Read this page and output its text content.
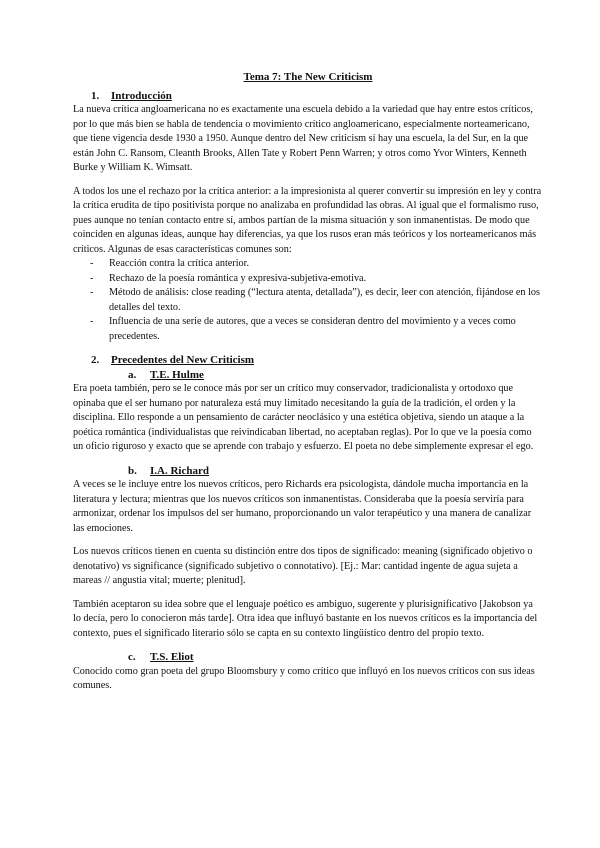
Tema 7: The New Criticism
1.	Introducción

La nueva crítica angloamericana no es exactamente una escuela debido a la variedad que hay entre estos críticos, por lo que más bien se habla de tendencia o movimiento crítico angloamericano, especialmente norteamericano, que tiene vigencia desde 1930 a 1950. Aunque dentro del New criticism sí hay una escuela, la del Sur, en la que están John C. Ransom, Cleanth Brooks, Allen Tate y Robert Penn Warren; y otros como Yvor Winters, Kenneth Burke y William K. Wimsatt.

A todos los une el rechazo por la crítica anterior: a la impresionista al querer convertir su impresión en ley y contra la crítica erudita de tipo positivista porque no analizaba en profundidad las obras. Al igual que el formalismo ruso, pues aunque no tenían contacto entre sí, ambos partían de la misma situación y son inmanentistas. De modo que coinciden en algunas ideas, aunque hay diferencias, ya que los rusos eran más teóricos y los norteamericanos más críticos. Algunas de esas características comunes son:

-	Reacción contra la crítica anterior.
-	Rechazo de la poesía romántica y expresiva-subjetiva-emotiva.
-	Método de análisis: close reading (“lectura atenta, detallada”), es decir, leer con atención, fijándose en los detalles del texto.
-	Influencia de una serie de autores, que a veces se consideran dentro del movimiento y a veces como precedentes.
2.	Precedentes del New Criticism
a.	T.E. Hulme

Era poeta también, pero se le conoce más por ser un crítico muy conservador, tradicionalista y ortodoxo que opinaba que el ser humano por naturaleza está muy limitado necesitando la guía de la tradición, el orden y la disciplina. Ello responde a un pensamiento de carácter neoclásico y una estética objetiva, siendo un ataque a la poética romántica (individualistas que reivindicaban libertad, no aceptaban reglas). Por lo que ve la poesía como un oficio riguroso y exacto que se aprende con trabajo y esfuerzo. El poeta no debe simplemente expresar el ego.

b.	I.A. Richard

A veces se le incluye entre los nuevos críticos, pero Richards era psicologista, dándole mucha importancia en la literatura y lectura; mientras que los nuevos críticos son inmanentistas. Consideraba que la poesía serviría para armonizar, ordenar los impulsos del ser humano, proporcionando un valor terapéutico y una manera de canalizar las emociones.

Los nuevos críticos tienen en cuenta su distinción entre dos tipos de significado: meaning (significado objetivo o denotativo) vs significance (significado subjetivo o connotativo). [Ej.: Mar: cantidad ingente de agua sujeta a mareas // angustia vital; muerte; plenitud].

También aceptaron su idea sobre que el lenguaje poético es ambiguo, sugerente y plurisignificativo [Jakobson ya lo decía, pero lo conocieron más tarde]. Otra idea que influyó bastante en los nuevos críticos es la importancia del contexto, pues el significado literario sólo se capta en su contexto lingüístico dentro del propio texto.

c.	T.S. Eliot

Conocido como gran poeta del grupo Bloomsbury y como crítico que influyó en los nuevos críticos con sus ideas comunes.
